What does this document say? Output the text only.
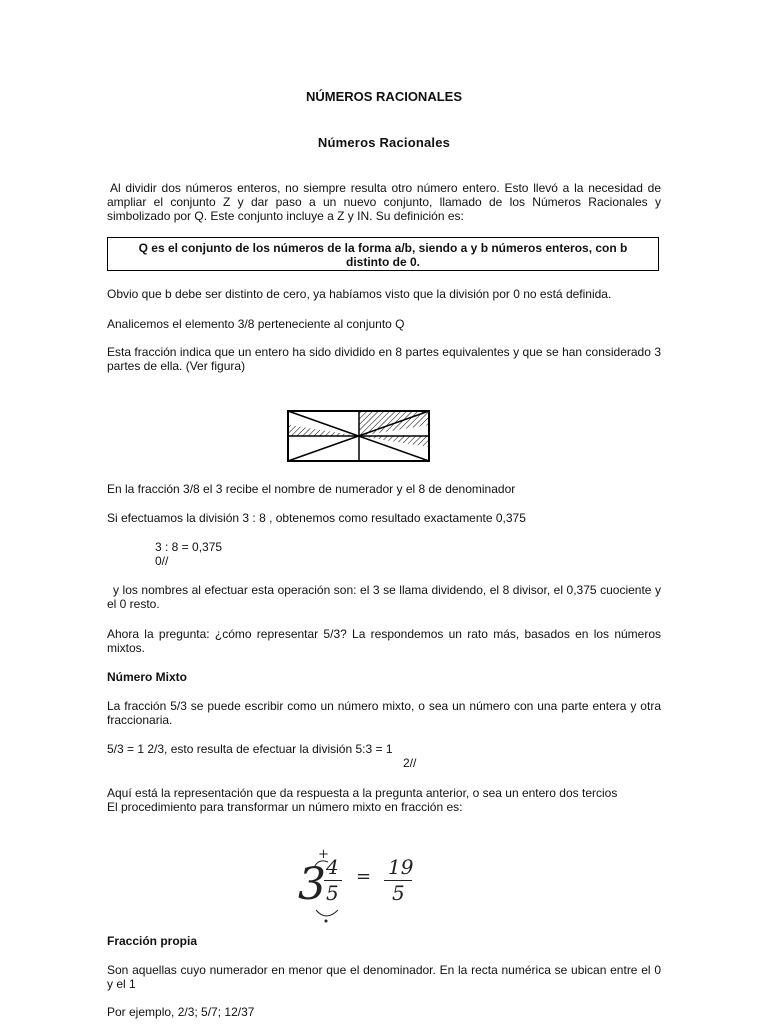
NÚMEROS RACIONALES
Números Racionales
Al dividir dos números enteros, no siempre resulta otro número entero. Esto llevó a la necesidad de ampliar el conjunto Z y dar paso a un nuevo conjunto, llamado de los Números Racionales y simbolizado por Q. Este conjunto incluye a Z y IN. Su definición es:
Q es el conjunto de los números de la forma a/b, siendo a y b números enteros, con b distinto de 0.
Obvio que b debe ser distinto de cero, ya habíamos visto que la división por 0 no está definida.
Analicemos el elemento 3/8 perteneciente al conjunto Q
Esta fracción indica que un entero ha sido dividido en 8 partes equivalentes y que se han considerado 3 partes de ella. (Ver figura)
En la fracción 3/8 el 3 recibe el nombre de numerador y el 8 de denominador
Si efectuamos la división 3 : 8 , obtenemos como resultado exactamente 0,375
3 : 8 = 0,375
0//
y los nombres al efectuar esta operación son: el 3 se llama dividendo, el 8 divisor, el 0,375 cuociente y el 0 resto.
Ahora la pregunta: ¿cómo representar 5/3? La respondemos un rato más, basados en los números mixtos.
Número Mixto
La fracción 5/3 se puede escribir como un número mixto, o sea un número con una parte entera y otra fraccionaria.
5/3 = 1 2/3, esto resulta de efectuar la división 5:3 = 1
2//
Aquí está la representación que da respuesta a la pregunta anterior, o sea un entero dos tercios
El procedimiento para transformar un número mixto en fracción es:
+
3 4
5
= 19
5
Fracción propia
Son aquellas cuyo numerador en menor que el denominador. En la recta numérica se ubican entre el 0 y el 1
Por ejemplo, 2/3; 5/7; 12/37
